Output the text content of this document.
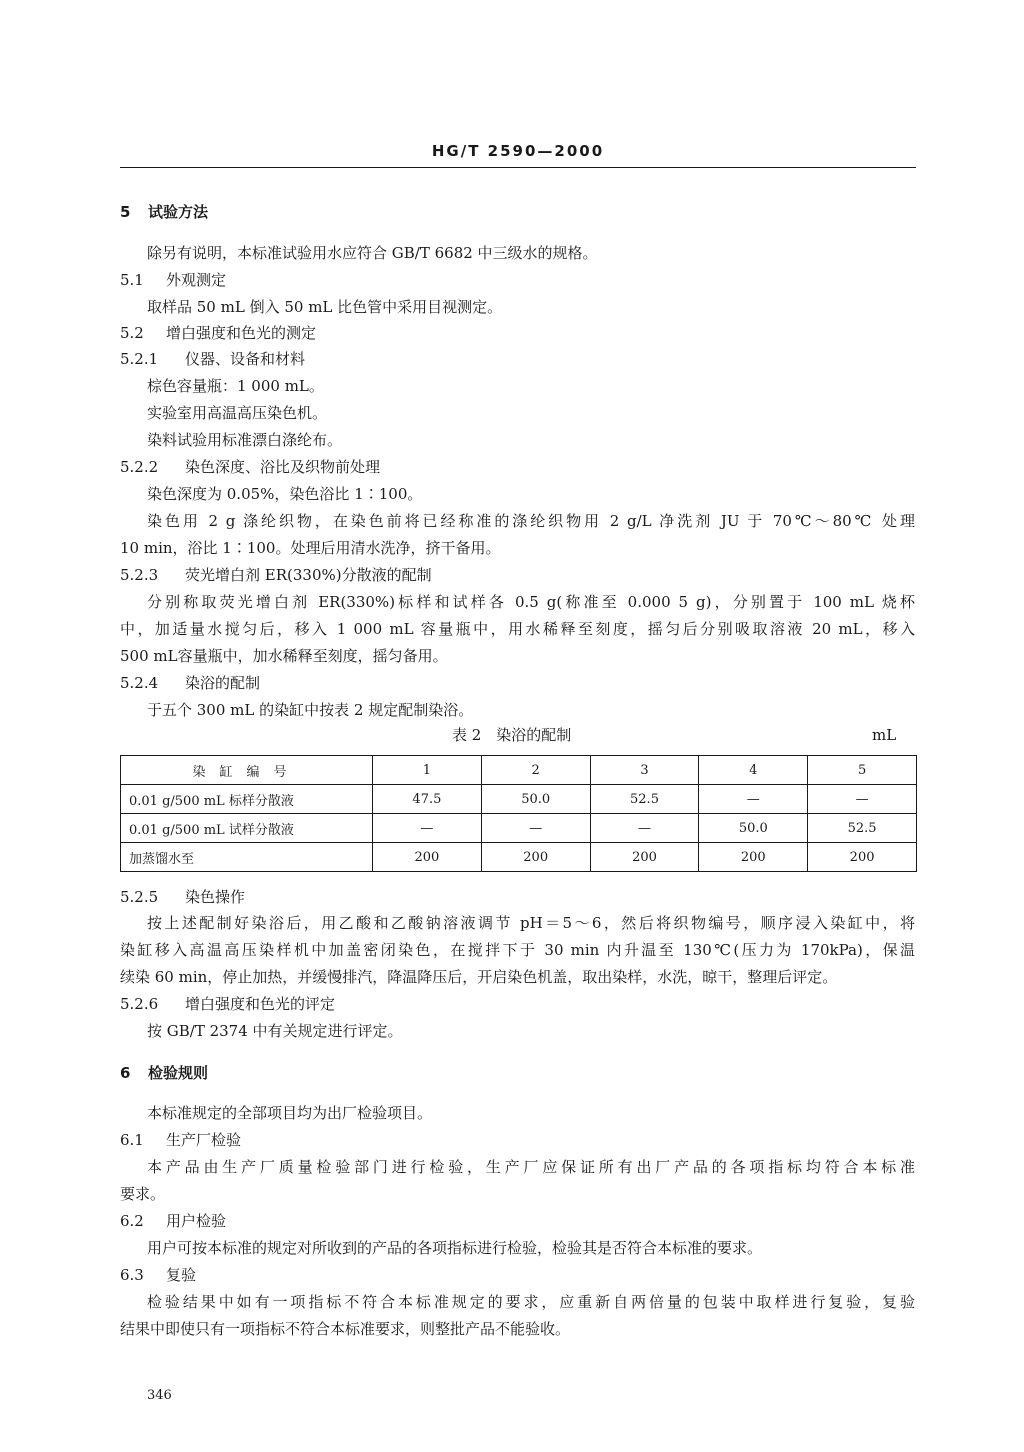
HG/T 2590—2000
5 试验方法
除另有说明，本标准试验用水应符合 GB/T 6682 中三级水的规格。
5.1 外观测定
取样品 50 mL 倒入 50 mL 比色管中采用目视测定。
5.2 增白强度和色光的测定
5.2.1 仪器、设备和材料
棕色容量瓶：1 000 mL。
实验室用高温高压染色机。
染料试验用标准漂白涤纶布。
5.2.2 染色深度、浴比及织物前处理
染色深度为 0.05%，染色浴比 1∶100。
染色用 2 g 涤纶织物，在染色前将已经称准的涤纶织物用 2 g/L 净洗剂 JU 于 70℃～80℃ 处理
10 min，浴比 1∶100。处理后用清水洗净，挤干备用。
5.2.3 荧光增白剂 ER(330%)分散液的配制
分别称取荧光增白剂 ER(330%)标样和试样各 0.5 g(称准至 0.000 5 g)，分别置于 100 mL 烧杯
中，加适量水搅匀后，移入 1 000 mL 容量瓶中，用水稀释至刻度，摇匀后分别吸取溶液 20 mL，移入
500 mL容量瓶中，加水稀释至刻度，摇匀备用。
5.2.4 染浴的配制
于五个 300 mL 的染缸中按表 2 规定配制染浴。
表 2　染浴的配制	mL
染缸编号	1	2	3	4	5
0.01 g/500 mL 标样分散液	47.5	50.0	52.5	—	—
0.01 g/500 mL 试样分散液	—	—	—	50.0	52.5
加蒸馏水至	200	200	200	200	200
5.2.5 染色操作
按上述配制好染浴后，用乙酸和乙酸钠溶液调节 pH＝5～6，然后将织物编号，顺序浸入染缸中，将
染缸移入高温高压染样机中加盖密闭染色，在搅拌下于 30 min 内升温至 130℃(压力为 170kPa)，保温
续染 60 min，停止加热，并缓慢排汽，降温降压后，开启染色机盖，取出染样，水洗，晾干，整理后评定。
5.2.6 增白强度和色光的评定
按 GB/T 2374 中有关规定进行评定。
6 检验规则
本标准规定的全部项目均为出厂检验项目。
6.1 生产厂检验
本产品由生产厂质量检验部门进行检验，生产厂应保证所有出厂产品的各项指标均符合本标准
要求。
6.2 用户检验
用户可按本标准的规定对所收到的产品的各项指标进行检验，检验其是否符合本标准的要求。
6.3 复验
检验结果中如有一项指标不符合本标准规定的要求，应重新自两倍量的包装中取样进行复验，复验
结果中即使只有一项指标不符合本标准要求，则整批产品不能验收。
346
